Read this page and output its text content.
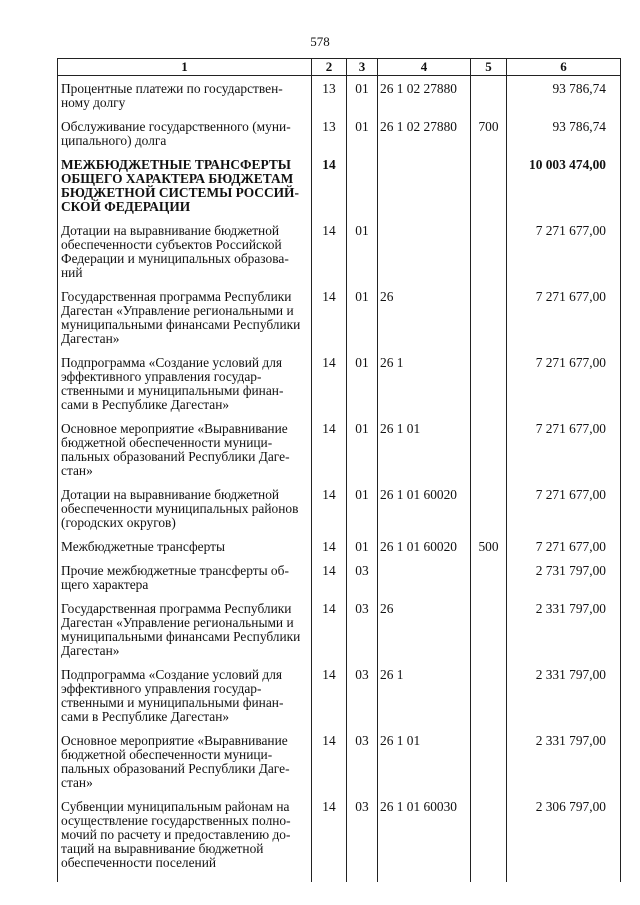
578
1	2	3	4	5	6
Процентные платежи по государственному долгу	13	01	26 1 02 27880		93 786,74
Обслуживание государственного (муниципального) долга	13	01	26 1 02 27880	700	93 786,74
МЕЖБЮДЖЕТНЫЕ ТРАНСФЕРТЫ ОБЩЕГО ХАРАКТЕРА БЮДЖЕТАМ БЮДЖЕТНОЙ СИСТЕМЫ РОССИЙСКОЙ ФЕДЕРАЦИИ	14				10 003 474,00
Дотации на выравнивание бюджетной обеспеченности субъектов Российской Федерации и муниципальных образований	14	01			7 271 677,00
Государственная программа Республики Дагестан «Управление региональными и муниципальными финансами Республики Дагестан»	14	01	26		7 271 677,00
Подпрограмма «Создание условий для эффективного управления государственными и муниципальными финансами в Республике Дагестан»	14	01	26 1		7 271 677,00
Основное мероприятие «Выравнивание бюджетной обеспеченности муниципальных образований Республики Дагестан»	14	01	26 1 01		7 271 677,00
Дотации на выравнивание бюджетной обеспеченности муниципальных районов (городских округов)	14	01	26 1 01 60020		7 271 677,00
Межбюджетные трансферты	14	01	26 1 01 60020	500	7 271 677,00
Прочие межбюджетные трансферты общего характера	14	03			2 731 797,00
Государственная программа Республики Дагестан «Управление региональными и муниципальными финансами Республики Дагестан»	14	03	26		2 331 797,00
Подпрограмма «Создание условий для эффективного управления государственными и муниципальными финансами в Республике Дагестан»	14	03	26 1		2 331 797,00
Основное мероприятие «Выравнивание бюджетной обеспеченности муниципальных образований Республики Дагестан»	14	03	26 1 01		2 331 797,00
Субвенции муниципальным районам на осуществление государственных полномочий по расчету и предоставлению дотаций на выравнивание бюджетной обеспеченности поселений	14	03	26 1 01 60030		2 306 797,00
